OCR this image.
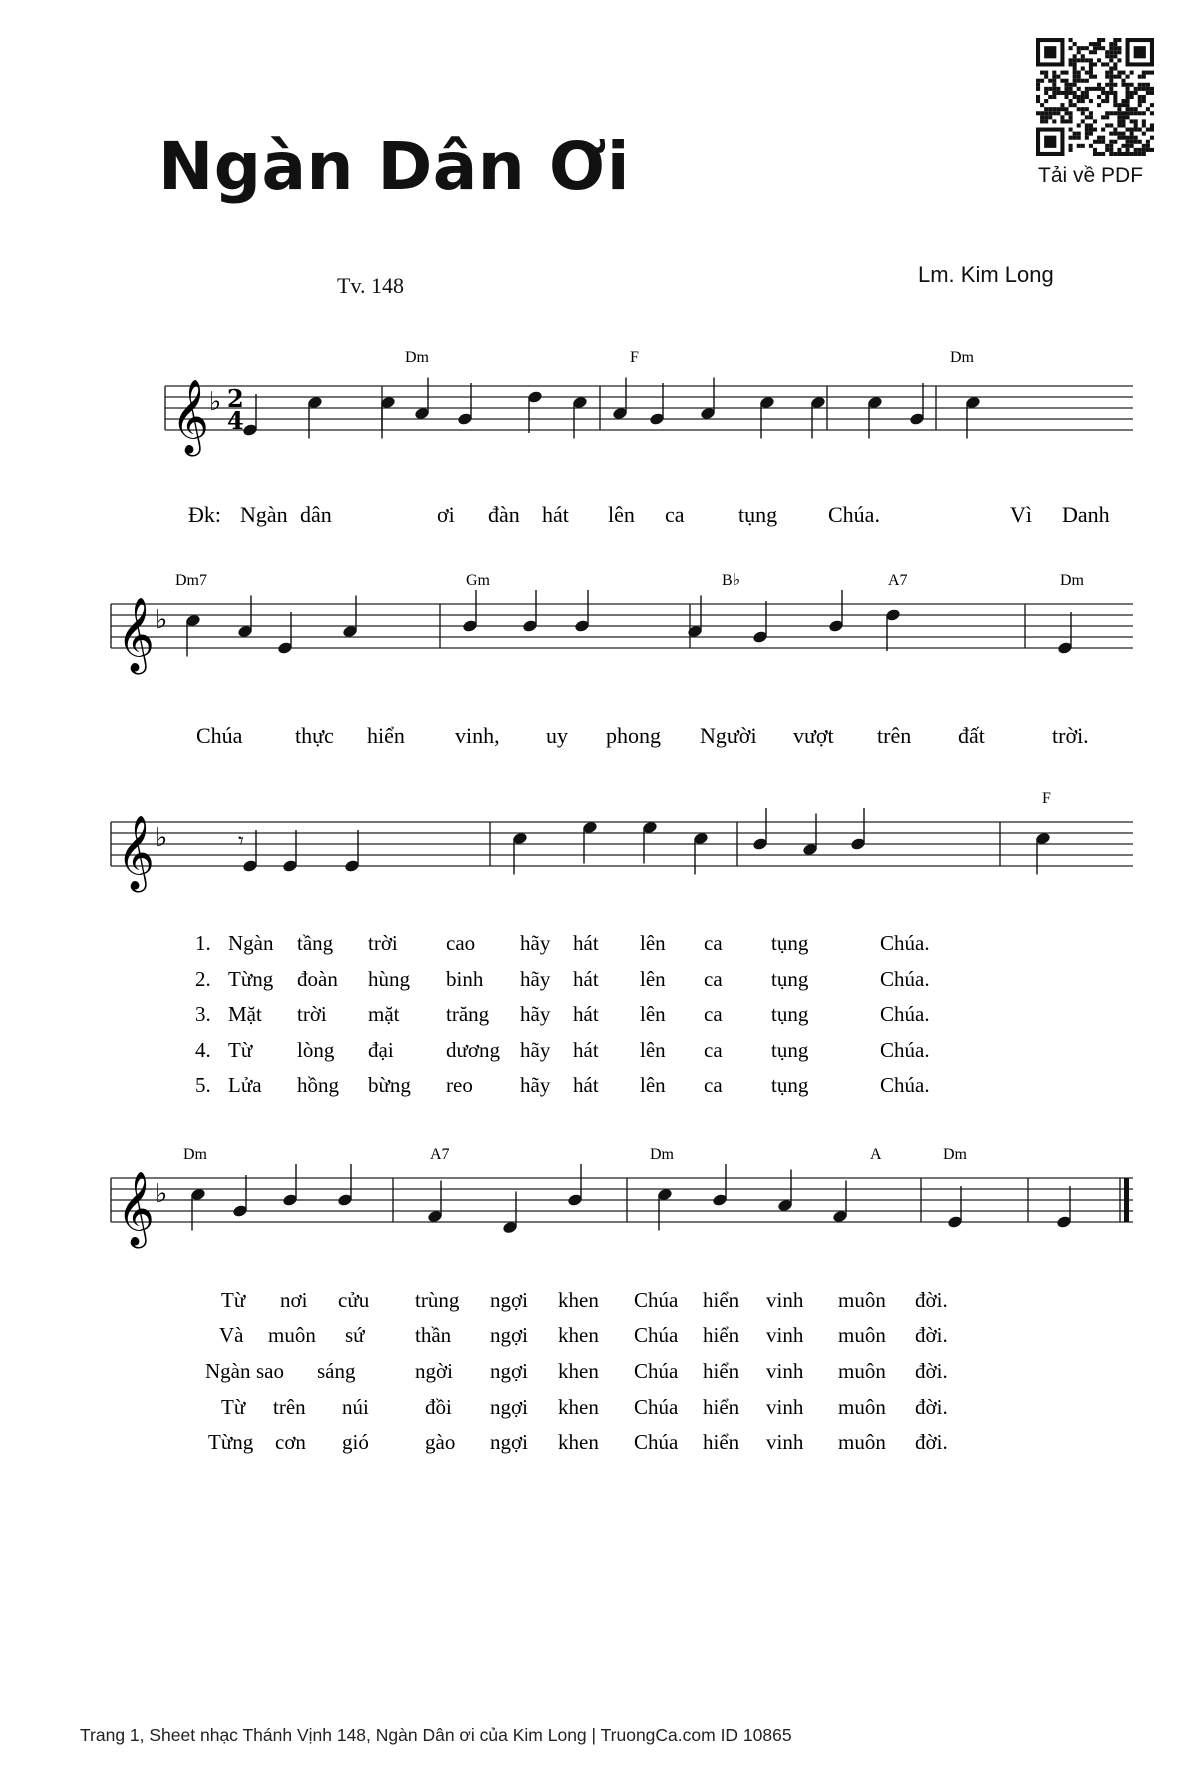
Ngàn Dân Ơi	Tải về PDF
Tv. 148	Lm. Kim Long
𝄞 ♭ 2
4
Dm	F	Dm
Đk: Ngàn dân	ơi đàn hát lên ca tụng Chúa.	Vì Danh
𝄞 ♭
Dm7	Gm	B♭	A7	Dm
Chúa thực hiển vinh, uy phong Người vượt trên đất	trời.
𝄞 ♭	𝄾
F
1. Ngàn tầng trời cao hãy hát lên ca tụng	Chúa.
2. Từng đoàn hùng binh hãy hát lên ca tụng	Chúa.
3. Mặt trời mặt trăng hãy hát lên ca tụng	Chúa.
4. Từ lòng đại dương hãy hát lên ca tụng	Chúa.
5. Lửa hồng bừng reo hãy hát lên ca tụng	Chúa.
𝄞 ♭
Dm	A7	Dm	A	Dm
Từ nơi cửu trùng ngợi khen Chúa hiển vinh muôn đời.
Và muôn sứ thần ngợi khen Chúa hiển vinh muôn đời.
Ngàn sao sáng	ngời ngợi khen Chúa hiển vinh muôn đời.
Từ trên núi	đồi ngợi khen Chúa hiển vinh muôn đời.
Từng cơn gió	gào ngợi khen Chúa hiển vinh muôn đời.
Trang 1, Sheet nhạc Thánh Vịnh 148, Ngàn Dân ơi của Kim Long | TruongCa.com ID 10865
